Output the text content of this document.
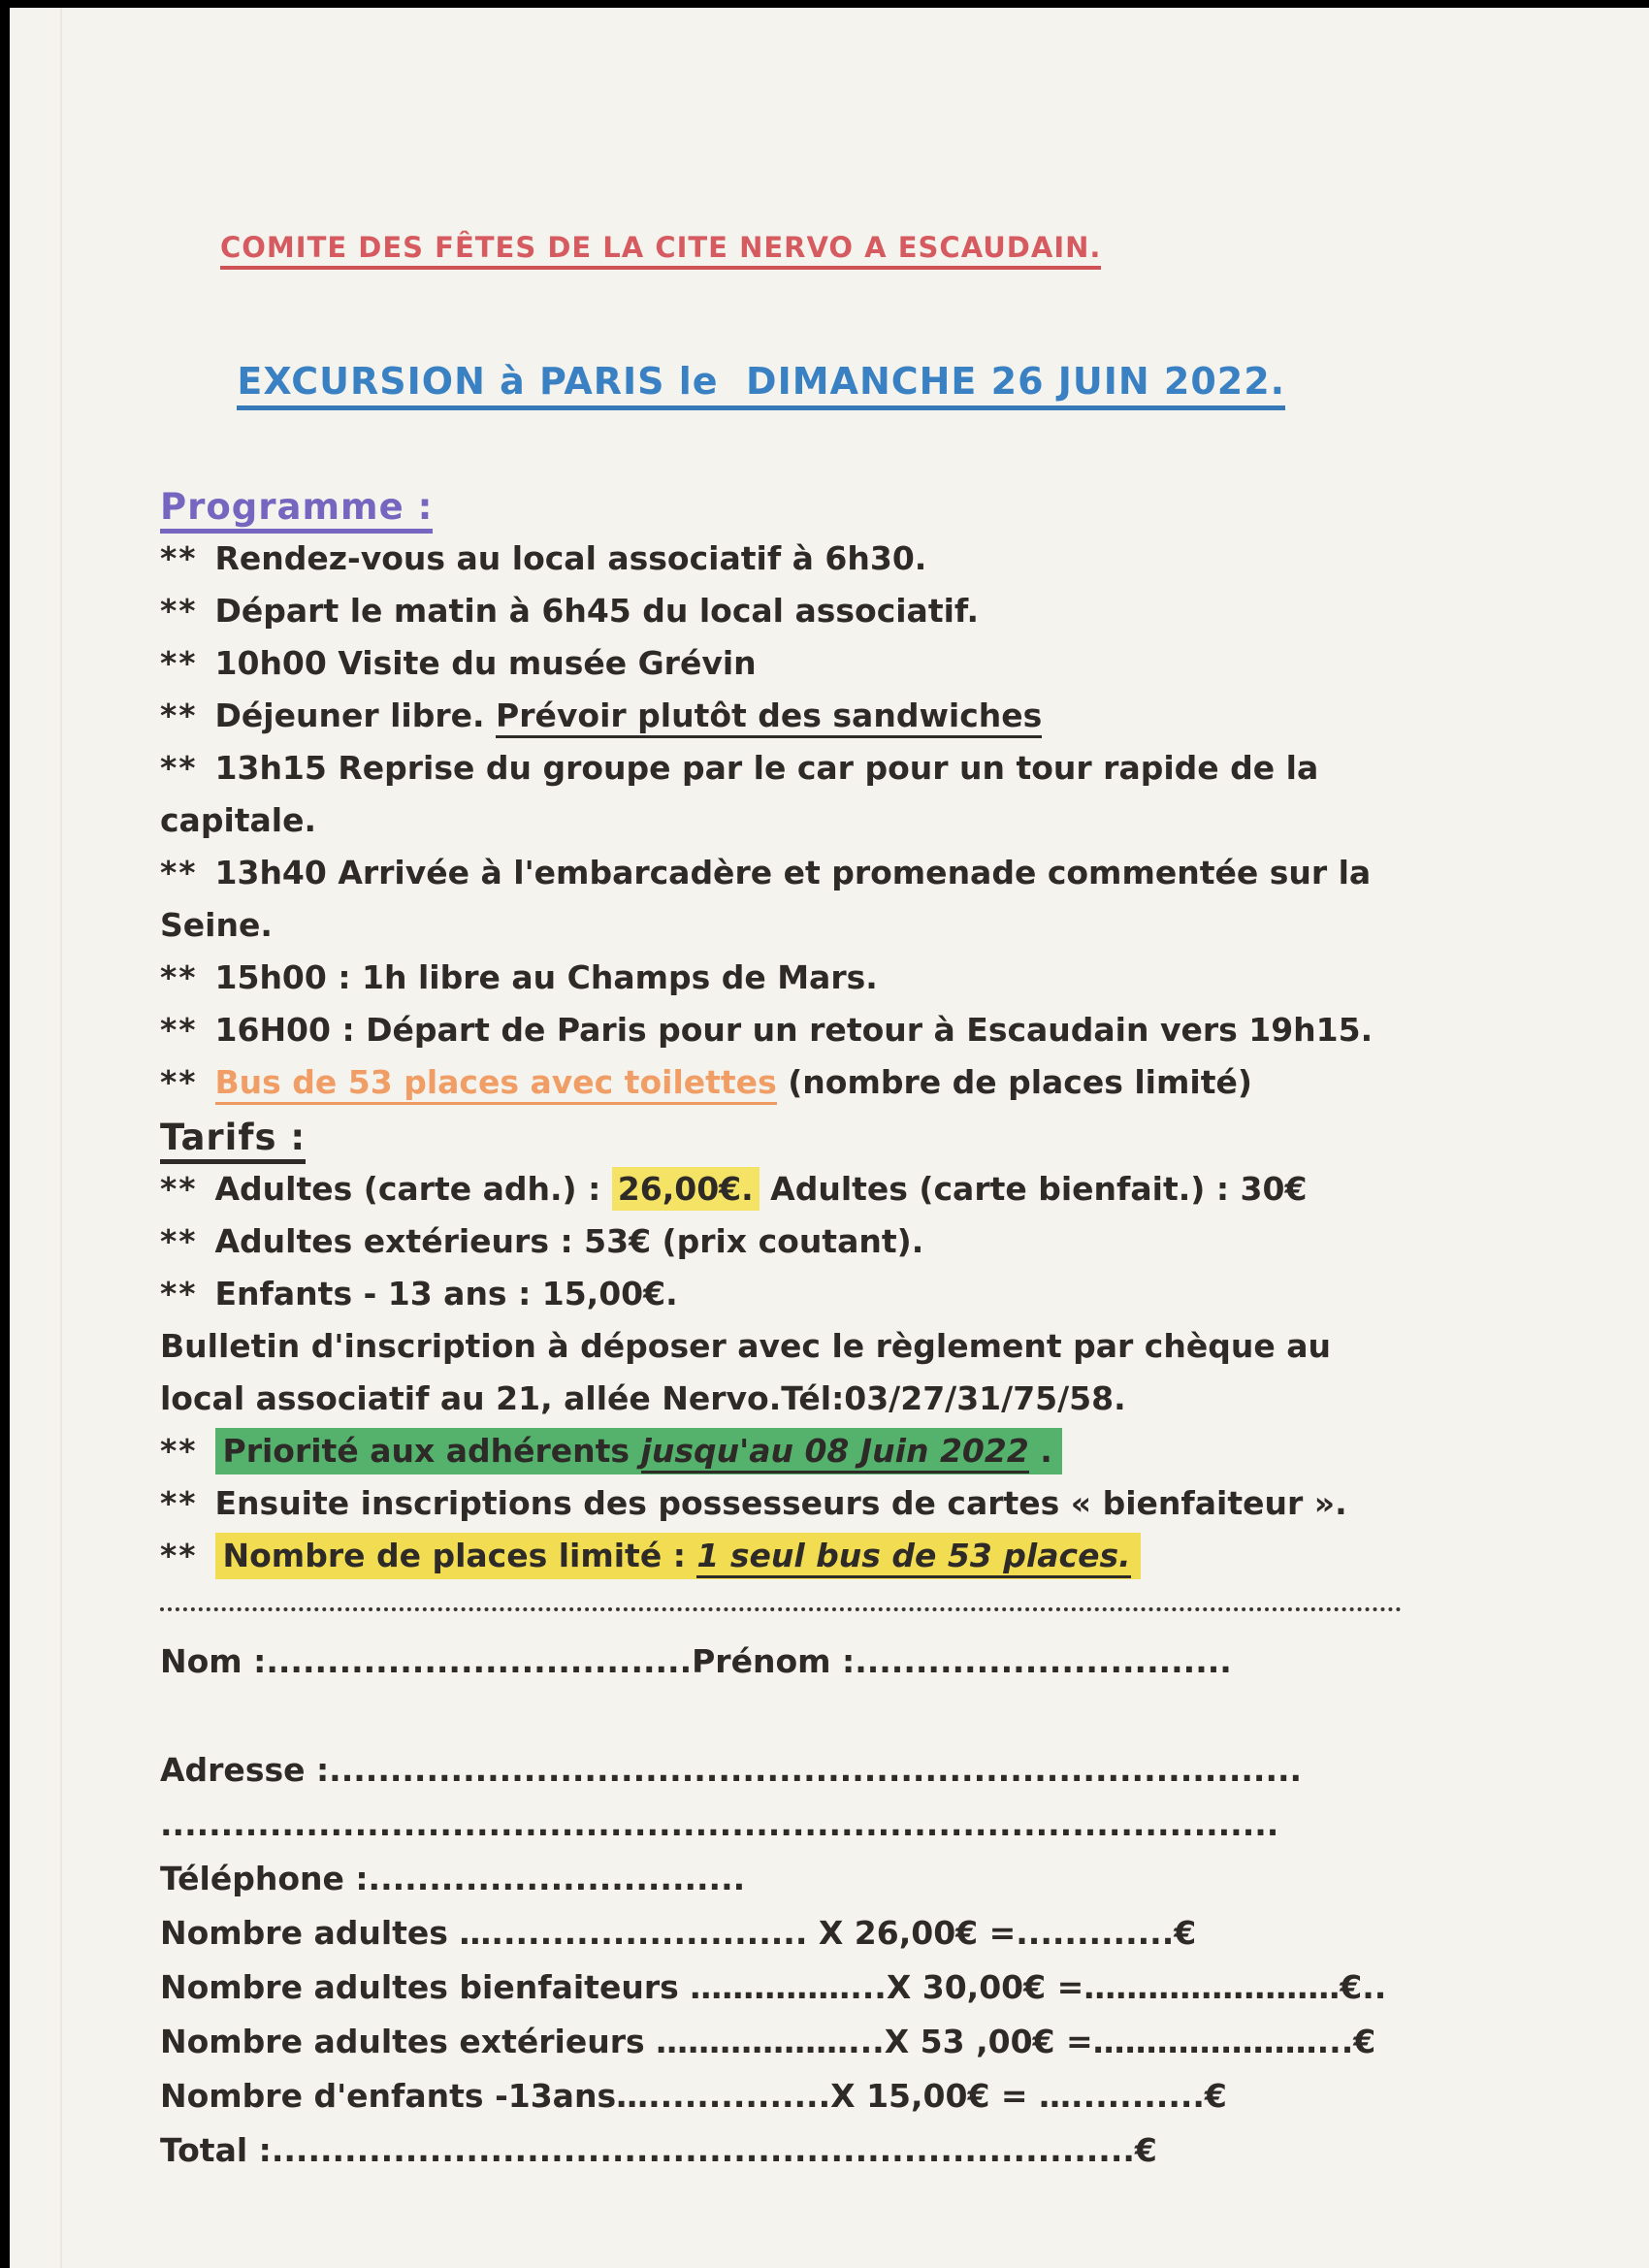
COMITE DES FÊTES DE LA CITE NERVO A ESCAUDAIN.

EXCURSION à PARIS le  DIMANCHE 26 JUIN 2022.

Programme :
** Rendez-vous au local associatif à 6h30.
** Départ le matin à 6h45 du local associatif.
** 10h00 Visite du musée Grévin
** Déjeuner libre. Prévoir plutôt des sandwiches
** 13h15 Reprise du groupe par le car pour un tour rapide de la capitale.
** 13h40 Arrivée à l'embarcadère et promenade commentée sur la Seine.
** 15h00 : 1h libre au Champs de Mars.
** 16H00 : Départ de Paris pour un retour à Escaudain vers 19h15.
** Bus de 53 places avec toilettes (nombre de places limité)
Tarifs :
** Adultes (carte adh.) : 26,00€. Adultes (carte bienfait.) : 30€
** Adultes extérieurs : 53€ (prix coutant).
** Enfants - 13 ans : 15,00€.
Bulletin d'inscription à déposer avec le règlement par chèque au local associatif au 21, allée Nervo.Tél:03/27/31/75/58.
** Priorité aux adhérents jusqu'au 08 Juin 2022 .
** Ensuite inscriptions des possesseurs de cartes « bienfaiteur ».
** Nombre de places limité : 1 seul bus de 53 places.
Nom :...................................Prénom :...............................
Adresse :................................................................................
............................................................................................
Téléphone :...............................
Nombre adultes ….......................... X 26,00€ =.............€
Nombre adultes bienfaiteurs ……………...X 30,00€ =……………………€..
Nombre adultes extérieurs ………………...X 53 ,00€ =…………………...€
Nombre d'enfants -13ans…...............X 15,00€ = …...........€
Total :.......................................................................€
